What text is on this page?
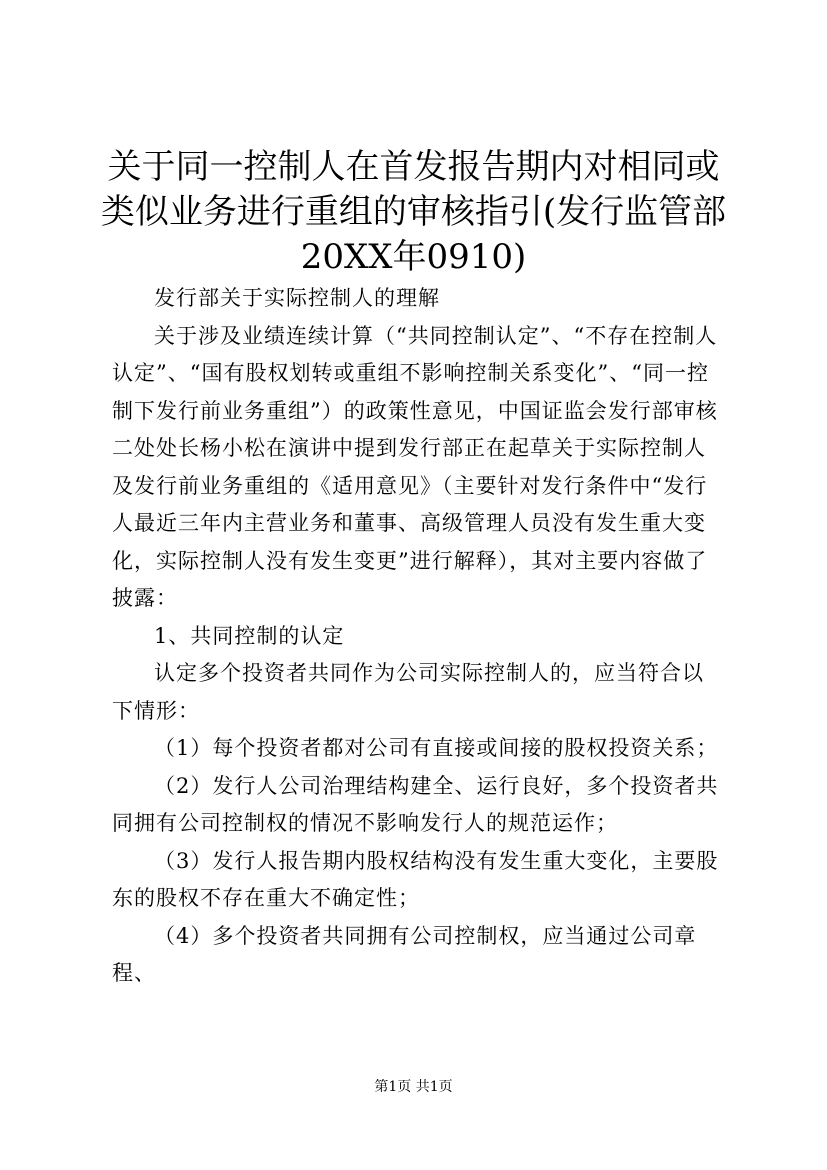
关于同一控制人在首发报告期内对相同或类似业务进行重组的审核指引(发行监管部20XX年0910)

发行部关于实际控制人的理解

关于涉及业绩连续计算（“共同控制认定”、“不存在控制人认定”、“国有股权划转或重组不影响控制关系变化”、“同一控制下发行前业务重组”）的政策性意见，中国证监会发行部审核二处处长杨小松在演讲中提到发行部正在起草关于实际控制人及发行前业务重组的《适用意见》（主要针对发行条件中“发行人最近三年内主营业务和董事、高级管理人员没有发生重大变化，实际控制人没有发生变更”进行解释），其对主要内容做了披露：

1、共同控制的认定

认定多个投资者共同作为公司实际控制人的，应当符合以下情形：

（1）每个投资者都对公司有直接或间接的股权投资关系；

（2）发行人公司治理结构建全、运行良好，多个投资者共同拥有公司控制权的情况不影响发行人的规范运作；

（3）发行人报告期内股权结构没有发生重大变化，主要股东的股权不存在重大不确定性；

（4）多个投资者共同拥有公司控制权，应当通过公司章程、

第1页 共1页
